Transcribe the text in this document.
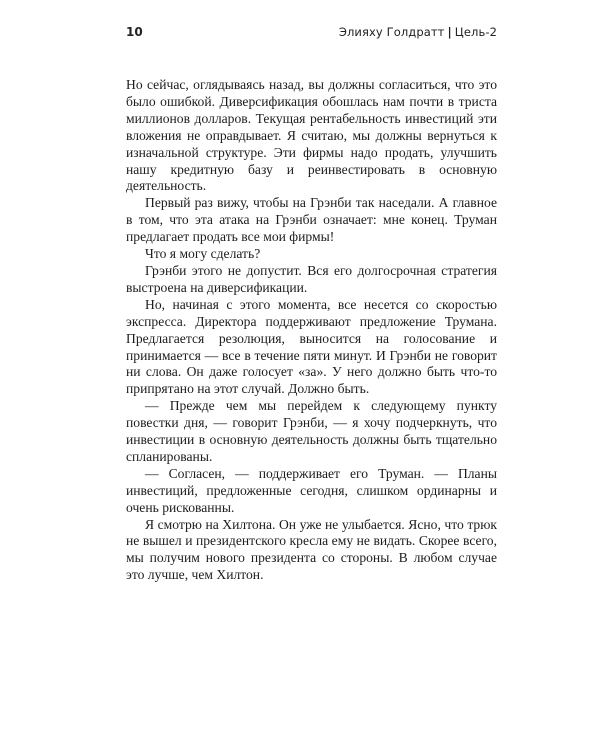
10	Элияху Голдратт | Цель-2

Но сейчас, оглядываясь назад, вы должны согласиться, что это было ошибкой. Диверсификация обошлась нам почти в триста миллионов долларов. Текущая рентабельность инвестиций эти вложения не оправдывает. Я считаю, мы должны вернуться к изначальной структуре. Эти фирмы надо продать, улучшить нашу кредитную базу и реинвестировать в основную деятельность.

Первый раз вижу, чтобы на Грэнби так наседали. А главное в том, что эта атака на Грэнби означает: мне конец. Труман предлагает продать все мои фирмы!

Что я могу сделать?

Грэнби этого не допустит. Вся его долгосрочная стратегия выстроена на диверсификации.

Но, начиная с этого момента, все несется со скоростью экспресса. Директора поддерживают предложение Трумана. Предлагается резолюция, выносится на голосование и принимается — все в течение пяти минут. И Грэнби не говорит ни слова. Он даже голосует «за». У него должно быть что-то припрятано на этот случай. Должно быть.

— Прежде чем мы перейдем к следующему пункту повестки дня, — говорит Грэнби, — я хочу подчеркнуть, что инвестиции в основную деятельность должны быть тщательно спланированы.

— Согласен, — поддерживает его Труман. — Планы инвестиций, предложенные сегодня, слишком ординарны и очень рискованны.

Я смотрю на Хилтона. Он уже не улыбается. Ясно, что трюк не вышел и президентского кресла ему не видать. Скорее всего, мы получим нового президента со стороны. В любом случае это лучше, чем Хилтон.
